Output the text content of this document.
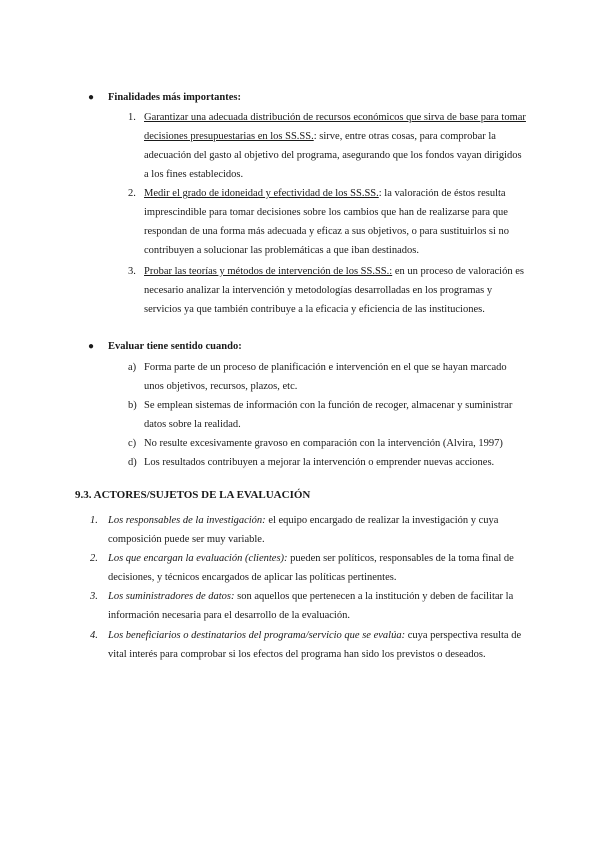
● Finalidades más importantes:
1. Garantizar una adecuada distribución de recursos económicos que sirva de base para tomar decisiones presupuestarias en los SS.SS.: sirve, entre otras cosas, para comprobar la adecuación del gasto al objetivo del programa, asegurando que los fondos vayan dirigidos a los fines establecidos.
2. Medir el grado de idoneidad y efectividad de los SS.SS.: la valoración de éstos resulta imprescindible para tomar decisiones sobre los cambios que han de realizarse para que respondan de una forma más adecuada y eficaz a sus objetivos, o para sustituirlos si no contribuyen a solucionar las problemáticas a que iban destinados.
3. Probar las teorías y métodos de intervención de los SS.SS.: en un proceso de valoración es necesario analizar la intervención y metodologías desarrolladas en los programas y servicios ya que también contribuye a la eficacia y eficiencia de las instituciones.
● Evaluar tiene sentido cuando:
a) Forma parte de un proceso de planificación e intervención en el que se hayan marcado unos objetivos, recursos, plazos, etc.
b) Se emplean sistemas de información con la función de recoger, almacenar y suministrar datos sobre la realidad.
c) No resulte excesivamente gravoso en comparación con la intervención (Alvira, 1997)
d) Los resultados contribuyen a mejorar la intervención o emprender nuevas acciones.
9.3. ACTORES/SUJETOS DE LA EVALUACIÓN
1. Los responsables de la investigación: el equipo encargado de realizar la investigación y cuya composición puede ser muy variable.
2. Los que encargan la evaluación (clientes): pueden ser políticos, responsables de la toma final de decisiones, y técnicos encargados de aplicar las políticas pertinentes.
3. Los suministradores de datos: son aquellos que pertenecen a la institución y deben de facilitar la información necesaria para el desarrollo de la evaluación.
4. Los beneficiarios o destinatarios del programa/servicio que se evalúa: cuya perspectiva resulta de vital interés para comprobar si los efectos del programa han sido los previstos o deseados.
